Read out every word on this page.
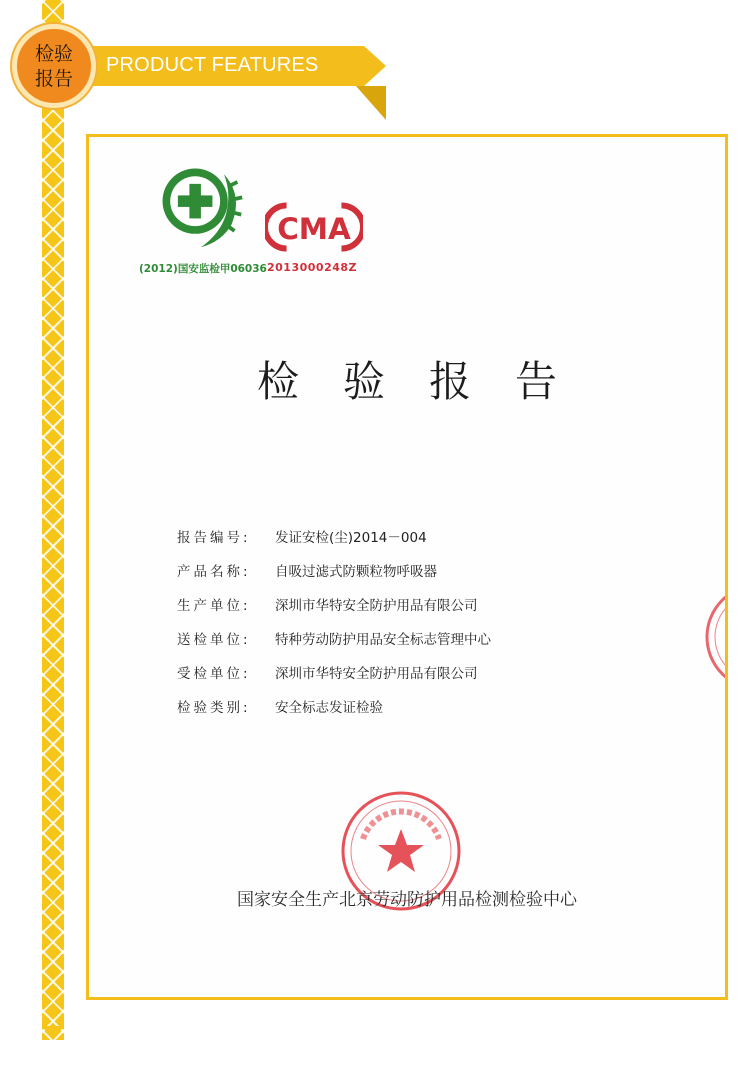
PRODUCT FEATURES
检验
报告
(2012)国安监检甲06036
CMA
2013000248Z
检验报告
报告编号:	发证安检(尘)2014－004
产品名称:	自吸过滤式防颗粒物呼吸器
生产单位:	深圳市华特安全防护用品有限公司
送检单位:	特种劳动防护用品安全标志管理中心
受检单位:	深圳市华特安全防护用品有限公司
检验类别:	安全标志发证检验
国家安全生产北京劳动防护用品检测检验中心
